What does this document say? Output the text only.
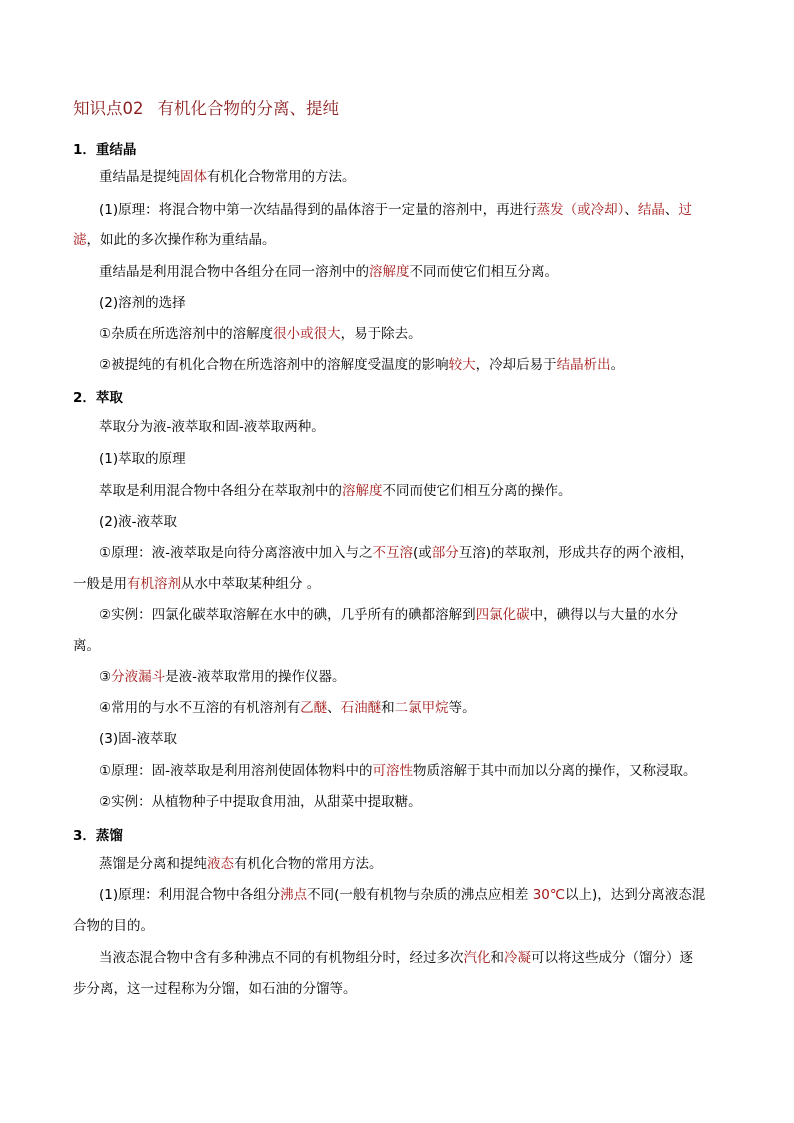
知识点02 有机化合物的分离、提纯
1．重结晶
重结晶是提纯固体有机化合物常用的方法。
(1)原理：将混合物中第一次结晶得到的晶体溶于一定量的溶剂中，再进行蒸发（或冷却）、结晶、过
滤，如此的多次操作称为重结晶。
重结晶是利用混合物中各组分在同一溶剂中的溶解度不同而使它们相互分离。
(2)溶剂的选择
①杂质在所选溶剂中的溶解度很小或很大，易于除去。
②被提纯的有机化合物在所选溶剂中的溶解度受温度的影响较大，冷却后易于结晶析出。
2．萃取
萃取分为液-液萃取和固-液萃取两种。
(1)萃取的原理
萃取是利用混合物中各组分在萃取剂中的溶解度不同而使它们相互分离的操作。
(2)液-液萃取
①原理：液-液萃取是向待分离溶液中加入与之不互溶(或部分互溶)的萃取剂，形成共存的两个液相，
一般是用有机溶剂从水中萃取某种组分 。
②实例：四氯化碳萃取溶解在水中的碘，几乎所有的碘都溶解到四氯化碳中，碘得以与大量的水分
离。
③分液漏斗是液-液萃取常用的操作仪器。
④常用的与水不互溶的有机溶剂有乙醚、石油醚和二氯甲烷等。
(3)固-液萃取
①原理：固-液萃取是利用溶剂使固体物料中的可溶性物质溶解于其中而加以分离的操作，又称浸取。
②实例：从植物种子中提取食用油，从甜菜中提取糖。
3．蒸馏
蒸馏是分离和提纯液态有机化合物的常用方法。
(1)原理：利用混合物中各组分沸点不同(一般有机物与杂质的沸点应相差 30℃以上)，达到分离液态混
合物的目的。
当液态混合物中含有多种沸点不同的有机物组分时，经过多次汽化和冷凝可以将这些成分（馏分）逐
步分离，这一过程称为分馏，如石油的分馏等。
